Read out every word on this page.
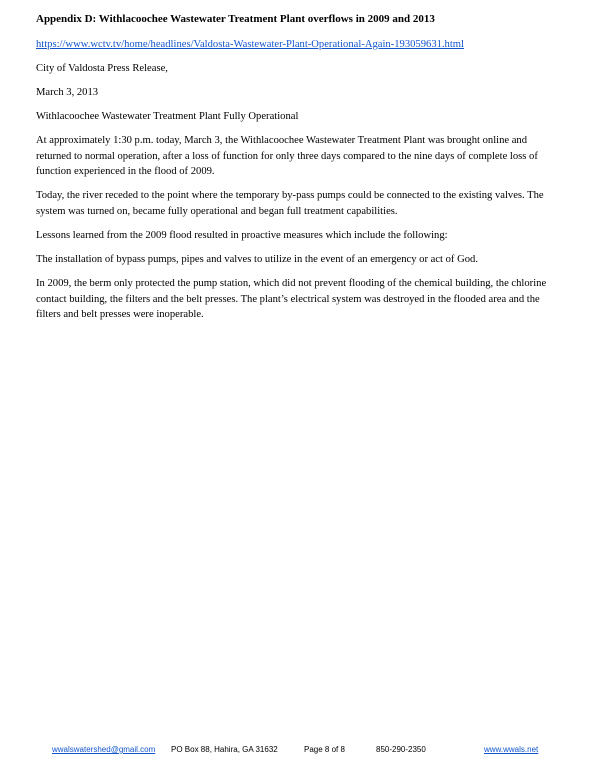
Appendix D: Withlacoochee Wastewater Treatment Plant overflows in 2009 and 2013

https://www.wctv.tv/home/headlines/Valdosta-Wastewater-Plant-Operational-Again-193059631.html

City of Valdosta Press Release,

March 3, 2013

Withlacoochee Wastewater Treatment Plant Fully Operational

At approximately 1:30 p.m. today, March 3, the Withlacoochee Wastewater Treatment Plant was brought online and returned to normal operation, after a loss of function for only three days compared to the nine days of complete loss of function experienced in the flood of 2009.

Today, the river receded to the point where the temporary by-pass pumps could be connected to the existing valves. The system was turned on, became fully operational and began full treatment capabilities.

Lessons learned from the 2009 flood resulted in proactive measures which include the following:

The installation of bypass pumps, pipes and valves to utilize in the event of an emergency or act of God.

In 2009, the berm only protected the pump station, which did not prevent flooding of the chemical building, the chlorine contact building, the filters and the belt presses. The plant’s electrical system was destroyed in the flooded area and the filters and belt presses were inoperable.

wwalswatershed@gmail.com PO Box 88, Hahira, GA 31632	Page 8 of 8	850-290-2350	www.wwals.net
